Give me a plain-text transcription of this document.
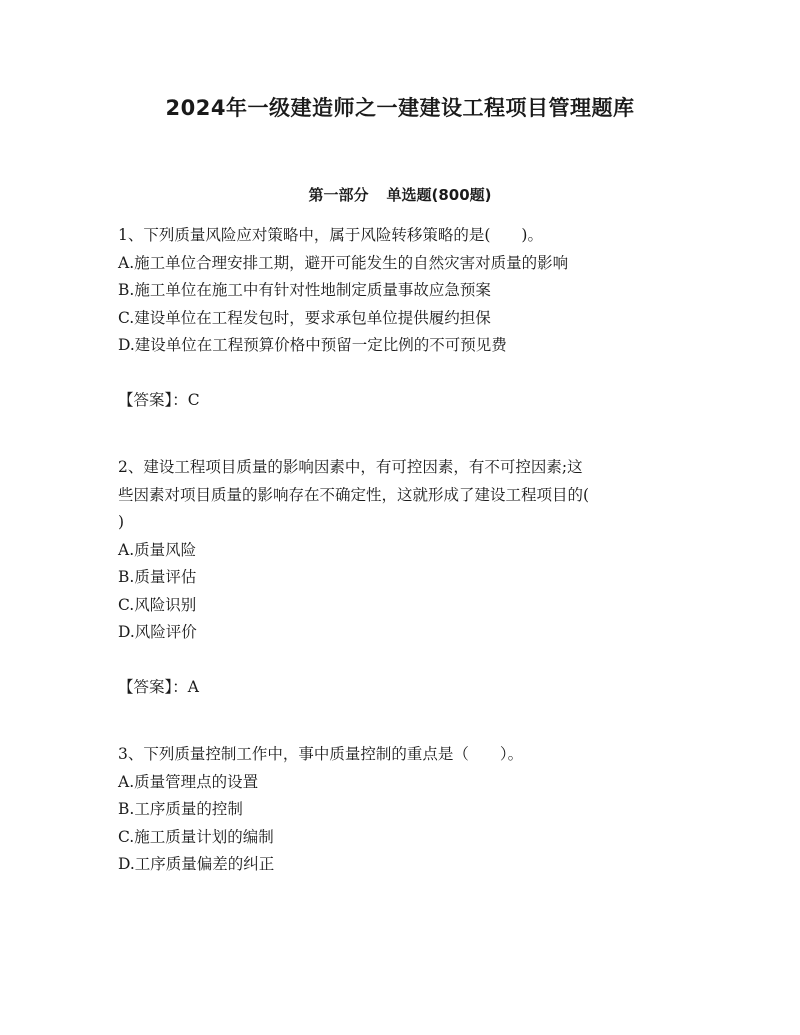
2024年一级建造师之一建建设工程项目管理题库
第一部分 单选题(800题)
1、下列质量风险应对策略中，属于风险转移策略的是(　　)。
A.施工单位合理安排工期，避开可能发生的自然灾害对质量的影响
B.施工单位在施工中有针对性地制定质量事故应急预案
C.建设单位在工程发包时，要求承包单位提供履约担保
D.建设单位在工程预算价格中预留一定比例的不可预见费
【答案】：C
2、建设工程项目质量的影响因素中，有可控因素，有不可控因素;这
些因素对项目质量的影响存在不确定性，这就形成了建设工程项目的(
)
A.质量风险
B.质量评估
C.风险识别
D.风险评价
【答案】：A
3、下列质量控制工作中，事中质量控制的重点是（　　）。
A.质量管理点的设置
B.工序质量的控制
C.施工质量计划的编制
D.工序质量偏差的纠正
